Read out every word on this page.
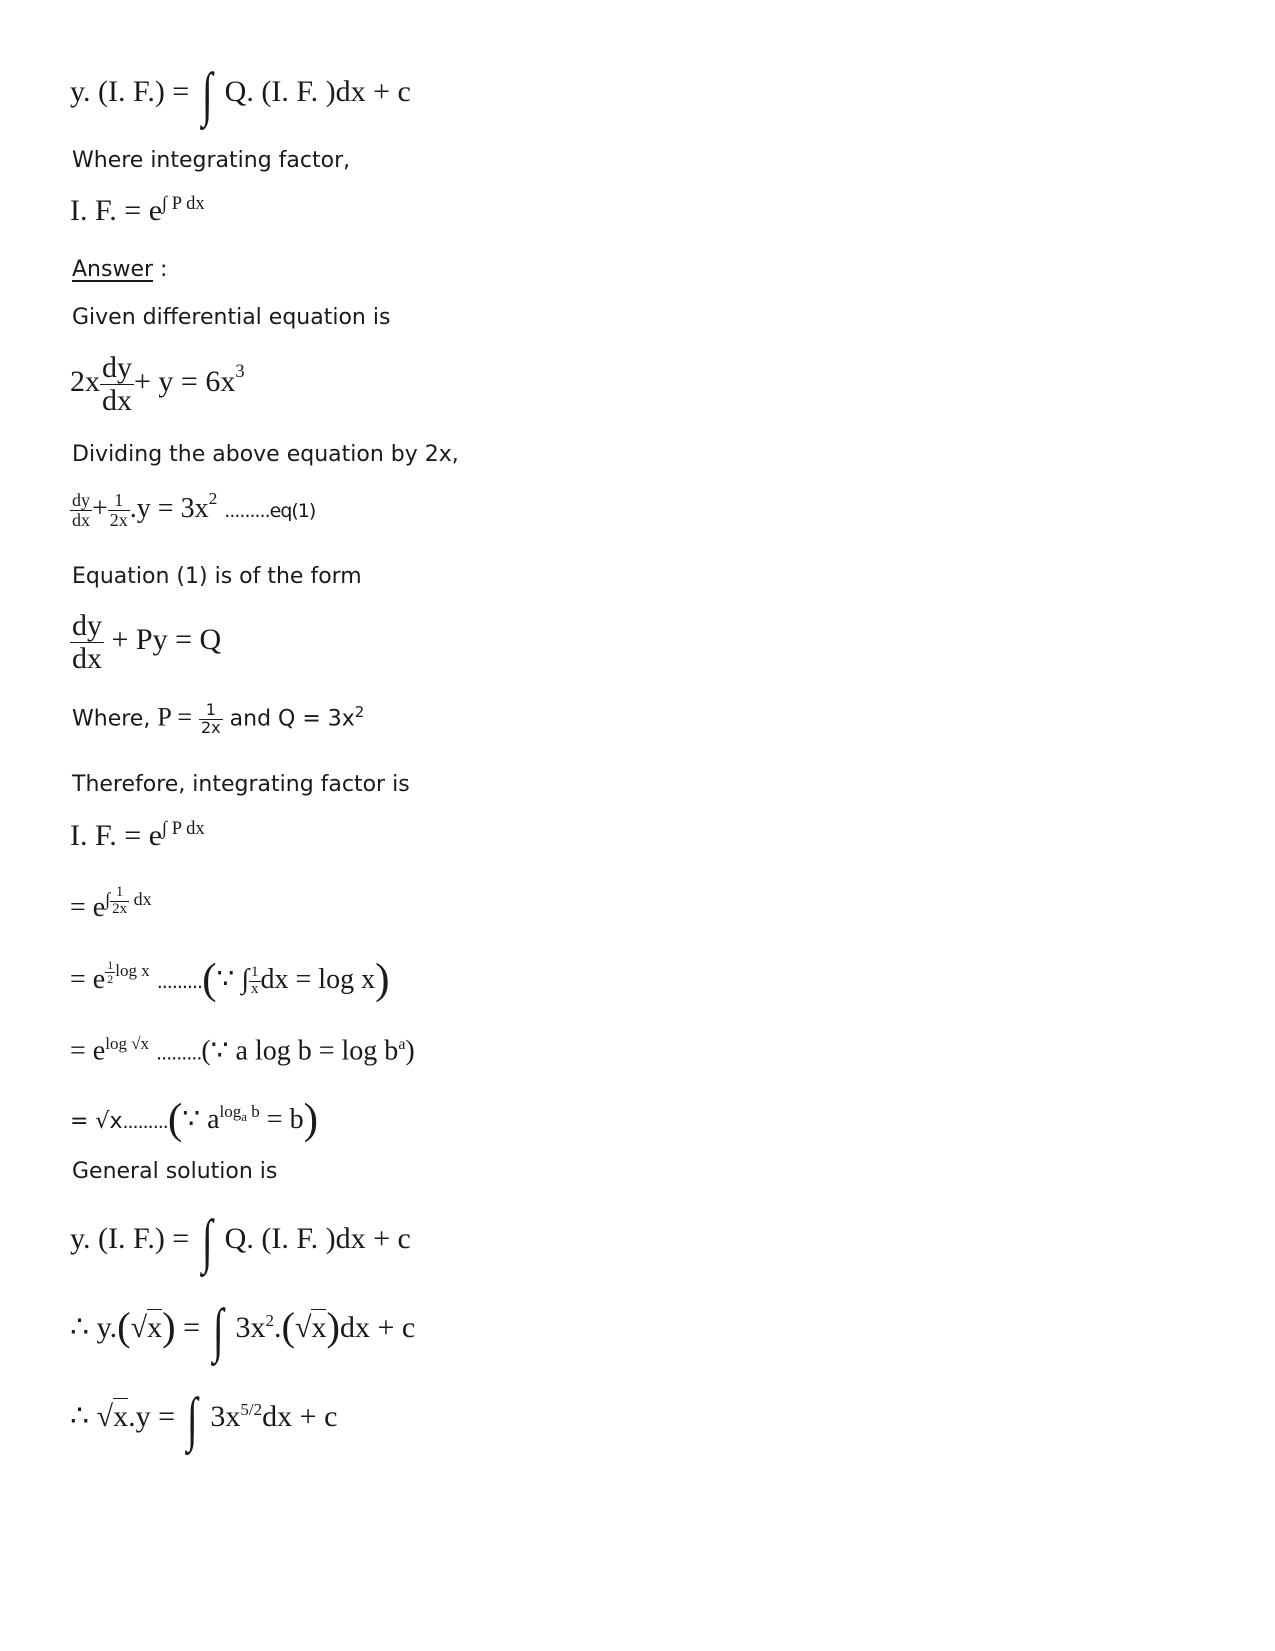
y. (I. F.) = ∫ Q. (I. F. )dx + c
Where integrating factor,
I. F. = $e^{\int P dx}$
Answer :
Given differential equation is
$2x \frac{dy}{dx} + y = 6x^3$
Dividing the above equation by 2x,
$\frac{dy}{dx} + \frac{1}{2x} .y = 3x^2$ .........eq(1)
Equation (1) is of the form
$\frac{dy}{dx} + Py = Q$
Where, $P = \frac{1}{2x}$ and $Q = 3x^2$
Therefore, integrating factor is
I. F. = $e^{\int P dx}$
= $e^{\int \frac{1}{2x} dx}$
= e $^{\frac{1}{2} log x}$ .........(∵ ∫ $\frac{1}{x}$ dx = log x)
= $e^{log √x}$ .........(∵ a $\log b = \log b^a$)
= √x.........(∵ $a^{log_a b} = b$)
General solution is
y. (I. F.) = ∫ Q. (I. F. )dx + c
∴ y.(√x) = ∫ $3x^2.(√x)dx + c$
∴ √x.y = ∫ $3x^{5/2}dx + c$
